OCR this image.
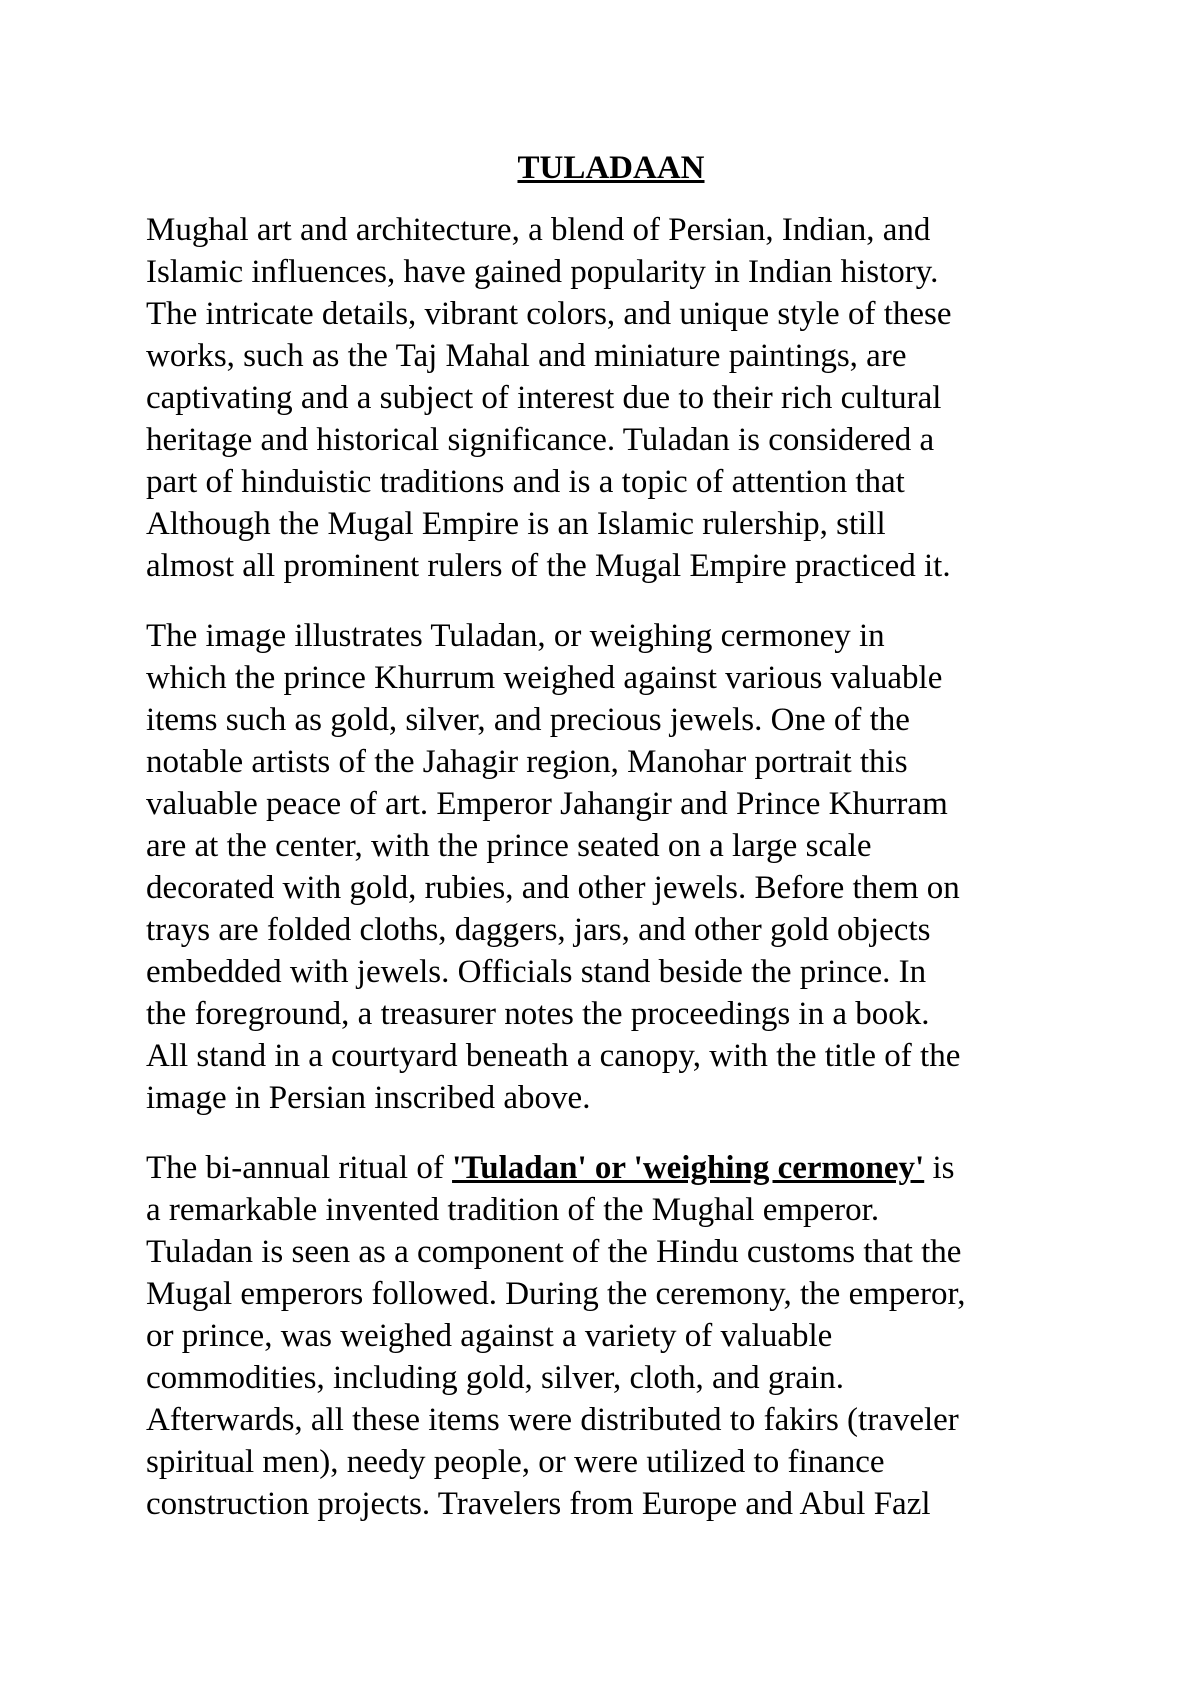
TULADAAN
Mughal art and architecture, a blend of Persian, Indian, and
Islamic influences, have gained popularity in Indian history.
The intricate details, vibrant colors, and unique style of these
works, such as the Taj Mahal and miniature paintings, are
captivating and a subject of interest due to their rich cultural
heritage and historical significance. Tuladan is considered a
part of hinduistic traditions and is a topic of attention that
Although the Mugal Empire is an Islamic rulership, still
almost all prominent rulers of the Mugal Empire practiced it.
The image illustrates Tuladan, or weighing cermoney in
which the prince Khurrum weighed against various valuable
items such as gold, silver, and precious jewels. One of the
notable artists of the Jahagir region, Manohar portrait this
valuable peace of art. Emperor Jahangir and Prince Khurram
are at the center, with the prince seated on a large scale
decorated with gold, rubies, and other jewels. Before them on
trays are folded cloths, daggers, jars, and other gold objects
embedded with jewels. Officials stand beside the prince. In
the foreground, a treasurer notes the proceedings in a book.
All stand in a courtyard beneath a canopy, with the title of the
image in Persian inscribed above.
The bi-annual ritual of 'Tuladan' or 'weighing cermoney' is
a remarkable invented tradition of the Mughal emperor.
Tuladan is seen as a component of the Hindu customs that the
Mugal emperors followed. During the ceremony, the emperor,
or prince, was weighed against a variety of valuable
commodities, including gold, silver, cloth, and grain.
Afterwards, all these items were distributed to fakirs (traveler
spiritual men), needy people, or were utilized to finance
construction projects. Travelers from Europe and Abul Fazl
